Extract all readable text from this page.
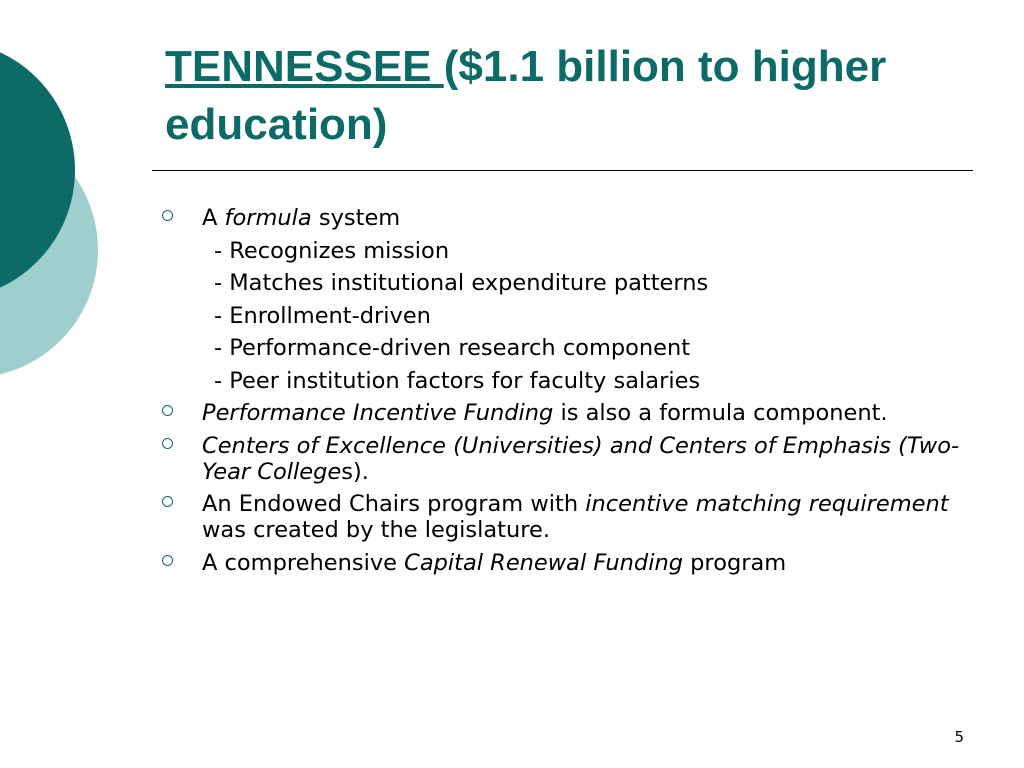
TENNESSEE ($1.1 billion to higher education)
A formula system
- Recognizes mission
- Matches institutional expenditure patterns
- Enrollment-driven
- Performance-driven research component
- Peer institution factors for faculty salaries
Performance Incentive Funding is also a formula component.
Centers of Excellence (Universities) and Centers of Emphasis (Two-Year Colleges).
An Endowed Chairs program with incentive matching requirement was created by the legislature.
A comprehensive Capital Renewal Funding program
5
